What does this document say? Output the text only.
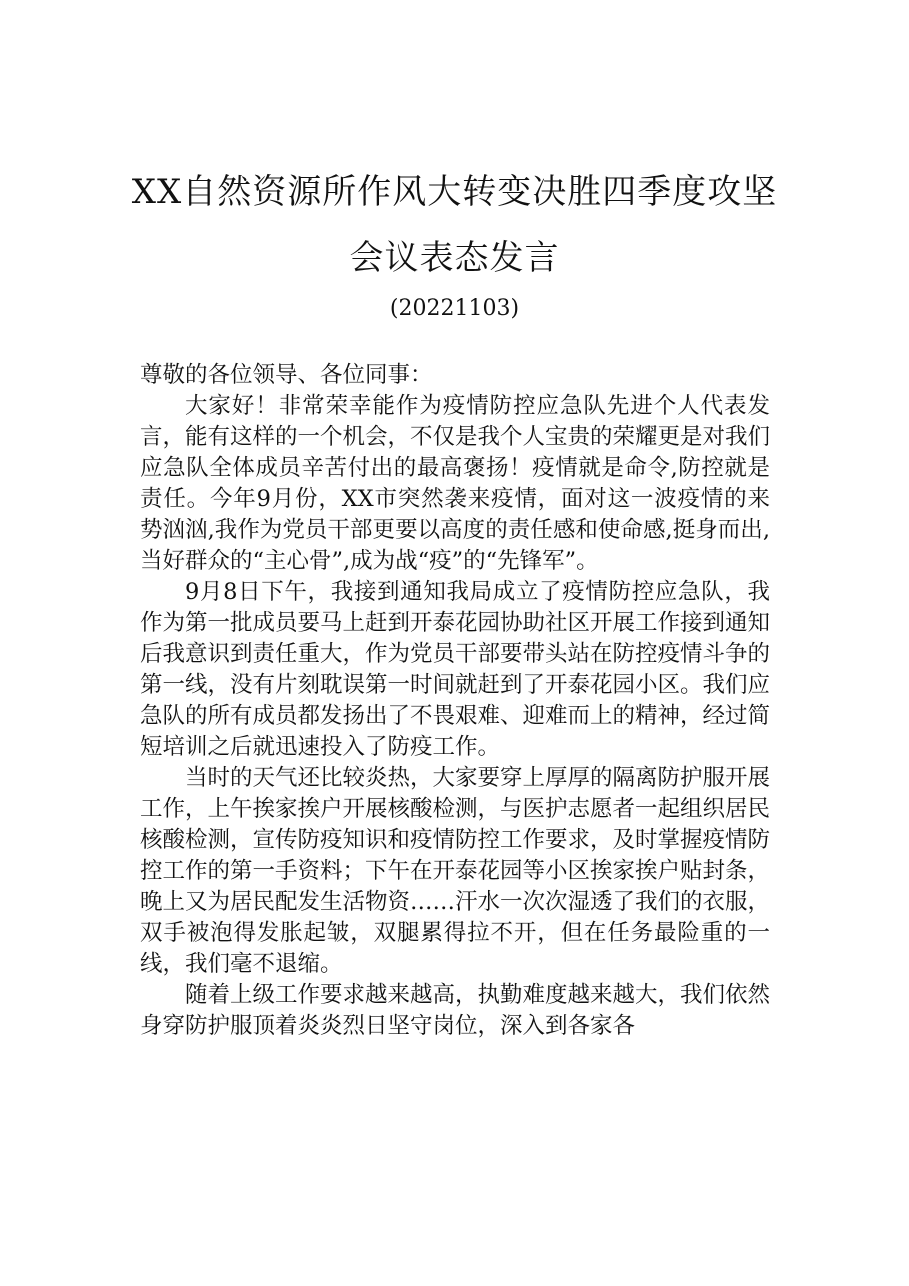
XX自然资源所作风大转变决胜四季度攻坚
会议表态发言
(20221103)

尊敬的各位领导、各位同事：

大家好！非常荣幸能作为疫情防控应急队先进个人代表发言，能有这样的一个机会，不仅是我个人宝贵的荣耀更是对我们应急队全体成员辛苦付出的最高褒扬！疫情就是命令,防控就是责任。今年9月份，XX市突然袭来疫情，面对这一波疫情的来势汹汹,我作为党员干部更要以高度的责任感和使命感,挺身而出,当好群众的“主心骨”,成为战“疫”的“先锋军”。

9月8日下午，我接到通知我局成立了疫情防控应急队，我作为第一批成员要马上赶到开泰花园协助社区开展工作接到通知后我意识到责任重大，作为党员干部要带头站在防控疫情斗争的第一线，没有片刻耽误第一时间就赶到了开泰花园小区。我们应急队的所有成员都发扬出了不畏艰难、迎难而上的精神，经过简短培训之后就迅速投入了防疫工作。

当时的天气还比较炎热，大家要穿上厚厚的隔离防护服开展工作，上午挨家挨户开展核酸检测，与医护志愿者一起组织居民核酸检测，宣传防疫知识和疫情防控工作要求，及时掌握疫情防控工作的第一手资料；下午在开泰花园等小区挨家挨户贴封条，晚上又为居民配发生活物资……汗水一次次湿透了我们的衣服，双手被泡得发胀起皱，双腿累得拉不开，但在任务最险重的一线，我们毫不退缩。

随着上级工作要求越来越高，执勤难度越来越大，我们依然身穿防护服顶着炎炎烈日坚守岗位，深入到各家各
